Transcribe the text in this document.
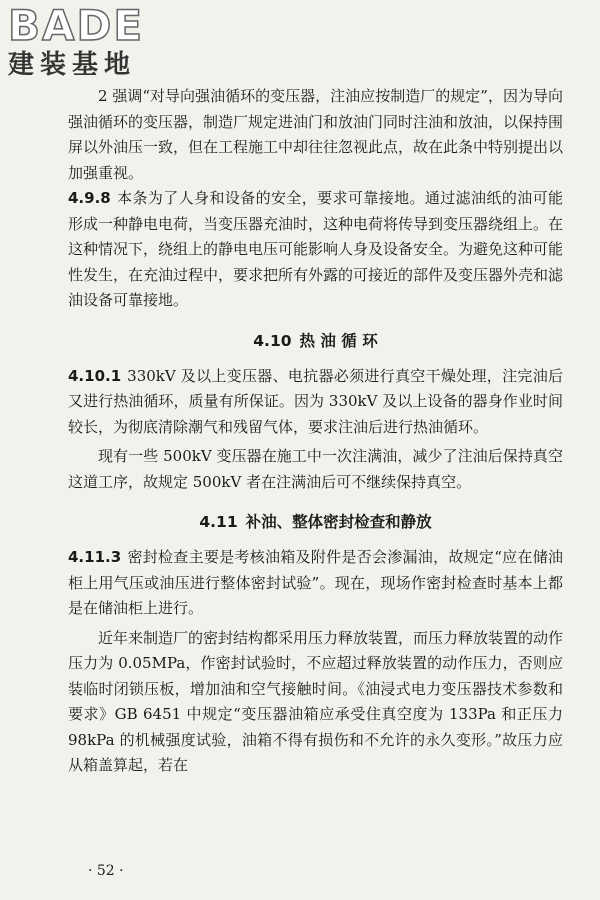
BADE
建装基地

2 强调“对导向强油循环的变压器，注油应按制造厂的规定”，因为导向强油循环的变压器，制造厂规定进油门和放油门同时注油和放油，以保持围屏以外油压一致，但在工程施工中却往往忽视此点，故在此条中特别提出以加强重视。

4.9.8 本条为了人身和设备的安全，要求可靠接地。通过滤油纸的油可能形成一种静电电荷，当变压器充油时，这种电荷将传导到变压器绕组上。在这种情况下，绕组上的静电电压可能影响人身及设备安全。为避免这种可能性发生，在充油过程中，要求把所有外露的可接近的部件及变压器外壳和滤油设备可靠接地。

4.10 热 油 循 环

4.10.1 330kV 及以上变压器、电抗器必须进行真空干燥处理，注完油后又进行热油循环，质量有所保证。因为 330kV 及以上设备的器身作业时间较长，为彻底清除潮气和残留气体，要求注油后进行热油循环。

现有一些 500kV 变压器在施工中一次注满油，减少了注油后保持真空这道工序，故规定 500kV 者在注满油后可不继续保持真空。

4.11 补油、整体密封检查和静放

4.11.3 密封检查主要是考核油箱及附件是否会渗漏油，故规定“应在储油柜上用气压或油压进行整体密封试验”。现在，现场作密封检查时基本上都是在储油柜上进行。

近年来制造厂的密封结构都采用压力释放装置，而压力释放装置的动作压力为 0.05MPa，作密封试验时，不应超过释放装置的动作压力，否则应装临时闭锁压板，增加油和空气接触时间。《油浸式电力变压器技术参数和要求》GB 6451 中规定“变压器油箱应承受住真空度为 133Pa 和正压力 98kPa 的机械强度试验，油箱不得有损伤和不允许的永久变形。”故压力应从箱盖算起，若在

· 52 ·
